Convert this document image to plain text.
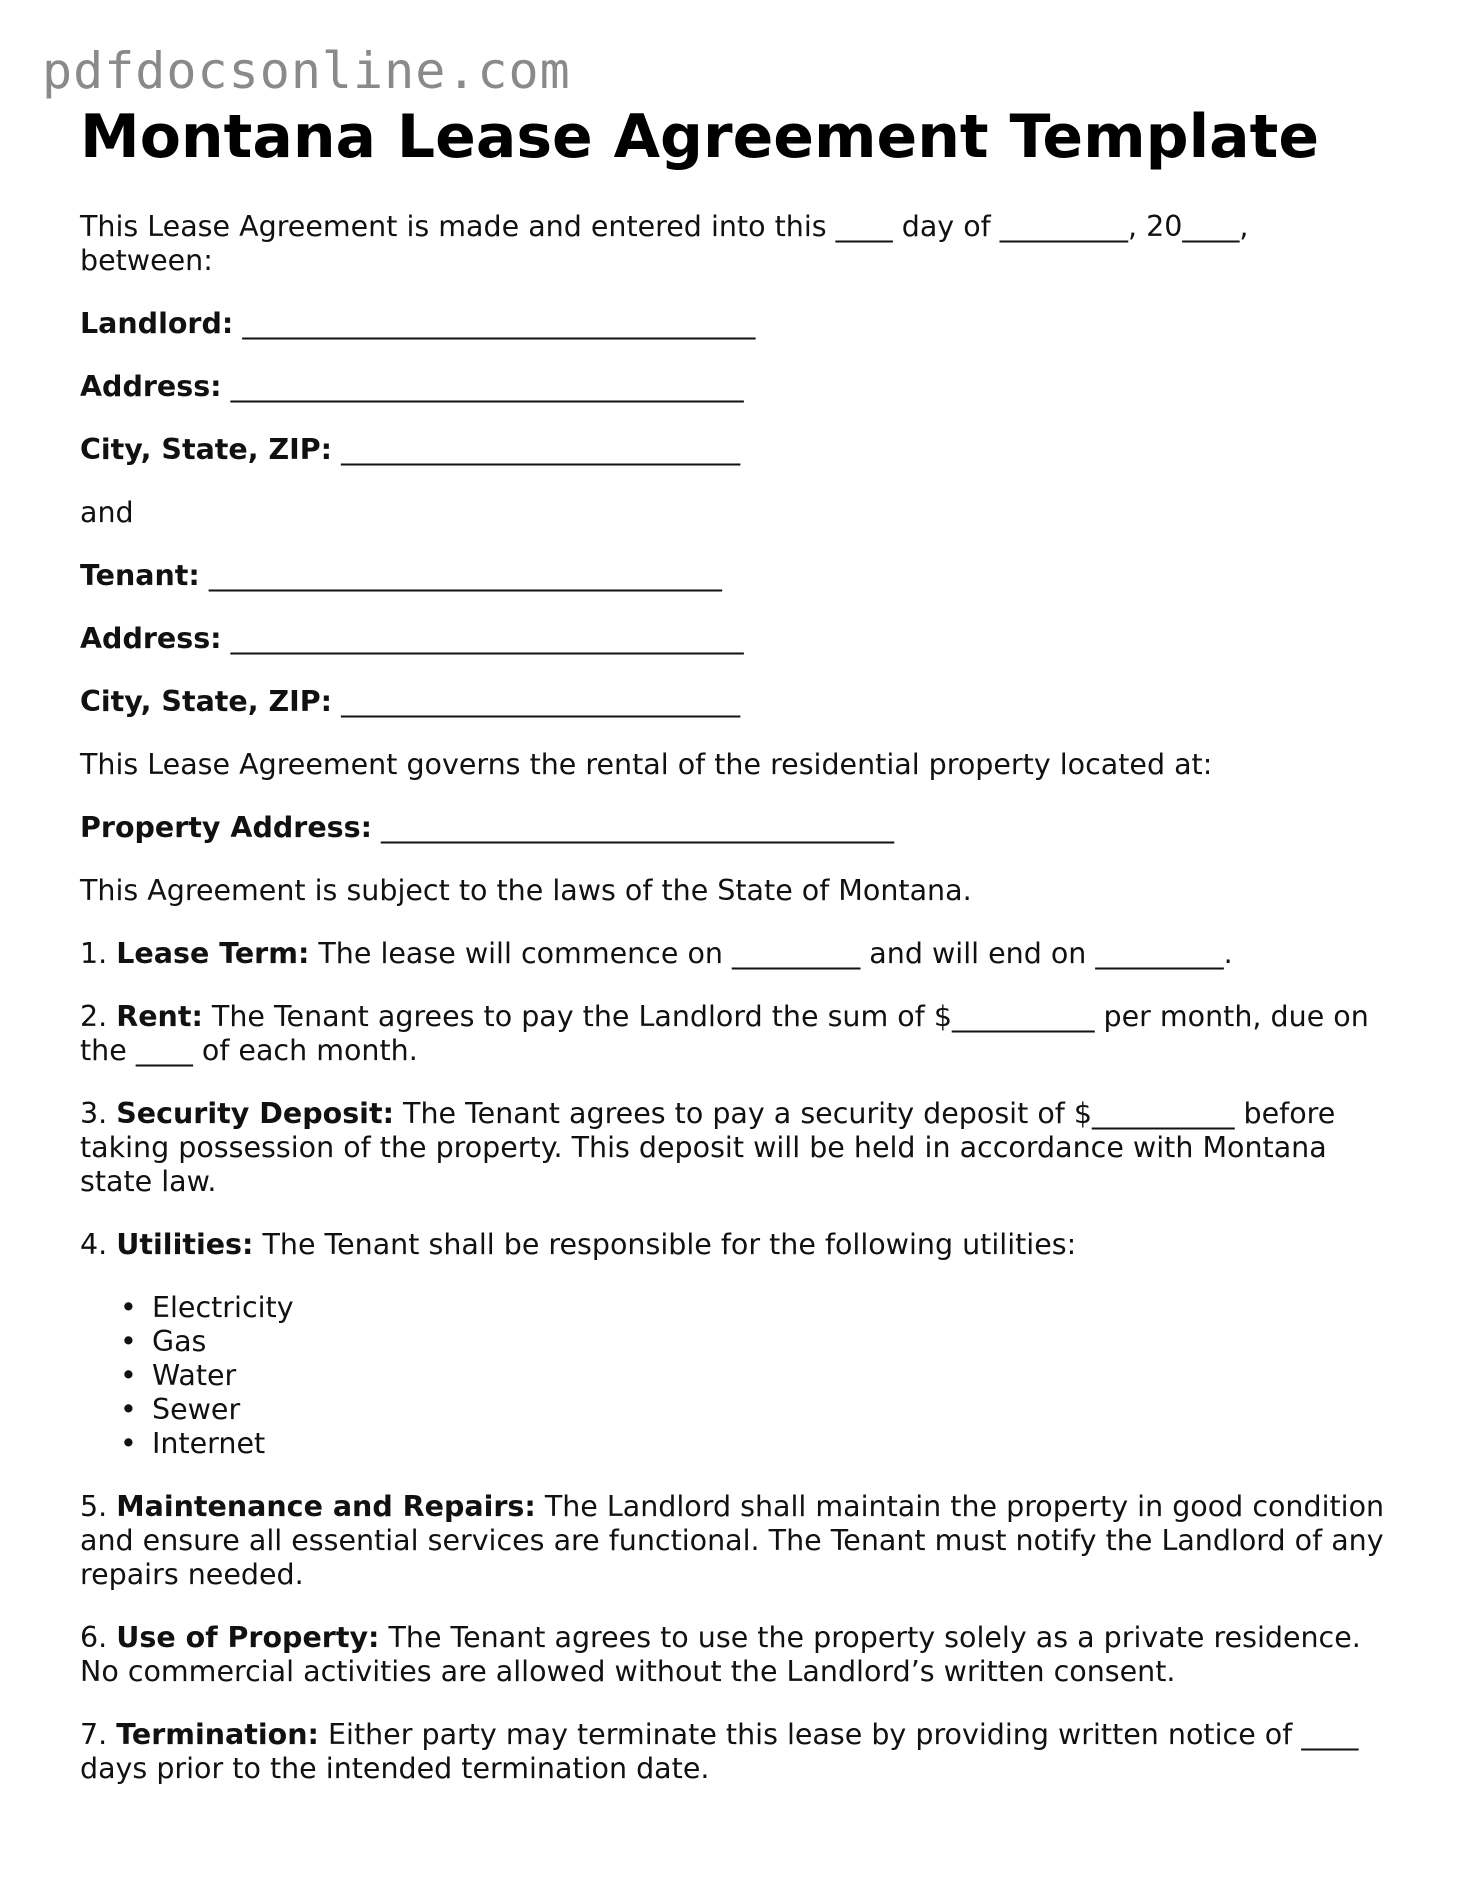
pdfdocsonline.com
Montana Lease Agreement Template

This Lease Agreement is made and entered into this ____ day of _________, 20____, between:

Landlord: ____________________________________

Address: ____________________________________

City, State, ZIP: ____________________________

and

Tenant: ____________________________________

Address: ____________________________________

City, State, ZIP: ____________________________

This Lease Agreement governs the rental of the residential property located at:

Property Address: ____________________________________

This Agreement is subject to the laws of the State of Montana.

1. Lease Term: The lease will commence on _________ and will end on _________.

2. Rent: The Tenant agrees to pay the Landlord the sum of $__________ per month, due on the ____ of each month.

3. Security Deposit: The Tenant agrees to pay a security deposit of $__________ before taking possession of the property. This deposit will be held in accordance with Montana state law.

4. Utilities: The Tenant shall be responsible for the following utilities:

• Electricity
• Gas
• Water
• Sewer
• Internet

5. Maintenance and Repairs: The Landlord shall maintain the property in good condition and ensure all essential services are functional. The Tenant must notify the Landlord of any repairs needed.

6. Use of Property: The Tenant agrees to use the property solely as a private residence. No commercial activities are allowed without the Landlord’s written consent.

7. Termination: Either party may terminate this lease by providing written notice of ____ days prior to the intended termination date.
